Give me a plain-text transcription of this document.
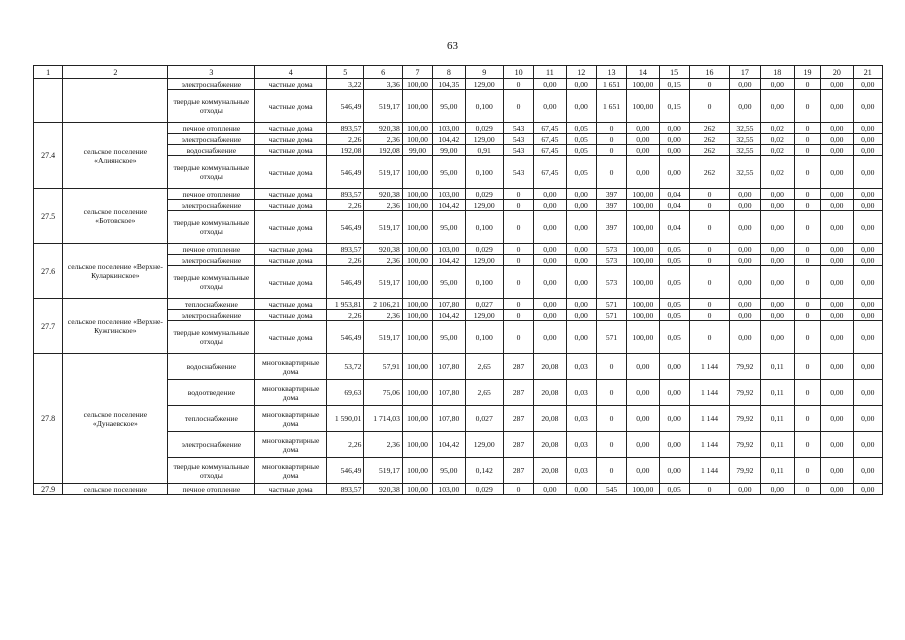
63
1	2	3	4	5	6	7	8	9	10	11	12	13	14	15	16	17	18	19	20	21
		электроснабжение	частные дома	3,22	3,36	100,00	104,35	129,00	0	0,00	0,00	1 651	100,00	0,15	0	0,00	0,00	0	0,00	0,00
		твердые коммунальные отходы	частные дома	546,49	519,17	100,00	95,00	0,100	0	0,00	0,00	1 651	100,00	0,15	0	0,00	0,00	0	0,00	0,00
27.4	сельское поселение «Алиянское»	печное отопление	частные дома	893,57	920,38	100,00	103,00	0,029	543	67,45	0,05	0	0,00	0,00	262	32,55	0,02	0	0,00	0,00
		электроснабжение	частные дома	2,26	2,36	100,00	104,42	129,00	543	67,45	0,05	0	0,00	0,00	262	32,55	0,02	0	0,00	0,00
		водоснабжение	частные дома	192,08	192,08	99,00	99,00	0,91	543	67,45	0,05	0	0,00	0,00	262	32,55	0,02	0	0,00	0,00
		твердые коммунальные отходы	частные дома	546,49	519,17	100,00	95,00	0,100	543	67,45	0,05	0	0,00	0,00	262	32,55	0,02	0	0,00	0,00
27.5	сельское поселение «Ботовское»	печное отопление	частные дома	893,57	920,38	100,00	103,00	0,029	0	0,00	0,00	397	100,00	0,04	0	0,00	0,00	0	0,00	0,00
		электроснабжение	частные дома	2,26	2,36	100,00	104,42	129,00	0	0,00	0,00	397	100,00	0,04	0	0,00	0,00	0	0,00	0,00
		твердые коммунальные отходы	частные дома	546,49	519,17	100,00	95,00	0,100	0	0,00	0,00	397	100,00	0,04	0	0,00	0,00	0	0,00	0,00
27.6	сельское поселение «Верхне-Куларкинское»	печное отопление	частные дома	893,57	920,38	100,00	103,00	0,029	0	0,00	0,00	573	100,00	0,05	0	0,00	0,00	0	0,00	0,00
		электроснабжение	частные дома	2,26	2,36	100,00	104,42	129,00	0	0,00	0,00	573	100,00	0,05	0	0,00	0,00	0	0,00	0,00
		твердые коммунальные отходы	частные дома	546,49	519,17	100,00	95,00	0,100	0	0,00	0,00	573	100,00	0,05	0	0,00	0,00	0	0,00	0,00
27.7	сельское поселение «Верхне-Кужгинское»	теплоснабжение	частные дома	1 953,81	2 106,21	100,00	107,80	0,027	0	0,00	0,00	571	100,00	0,05	0	0,00	0,00	0	0,00	0,00
		электроснабжение	частные дома	2,26	2,36	100,00	104,42	129,00	0	0,00	0,00	571	100,00	0,05	0	0,00	0,00	0	0,00	0,00
		твердые коммунальные отходы	частные дома	546,49	519,17	100,00	95,00	0,100	0	0,00	0,00	571	100,00	0,05	0	0,00	0,00	0	0,00	0,00
27.8	сельское поселение «Дунаевское»	водоснабжение	многоквартирные дома	53,72	57,91	100,00	107,80	2,65	287	20,08	0,03	0	0,00	0,00	1 144	79,92	0,11	0	0,00	0,00
		водоотведение	многоквартирные дома	69,63	75,06	100,00	107,80	2,65	287	20,08	0,03	0	0,00	0,00	1 144	79,92	0,11	0	0,00	0,00
		теплоснабжение	многоквартирные дома	1 590,01	1 714,03	100,00	107,80	0,027	287	20,08	0,03	0	0,00	0,00	1 144	79,92	0,11	0	0,00	0,00
		электроснабжение	многоквартирные дома	2,26	2,36	100,00	104,42	129,00	287	20,08	0,03	0	0,00	0,00	1 144	79,92	0,11	0	0,00	0,00
		твердые коммунальные отходы	многоквартирные дома	546,49	519,17	100,00	95,00	0,142	287	20,08	0,03	0	0,00	0,00	1 144	79,92	0,11	0	0,00	0,00
27.9	сельское поселение	печное отопление	частные дома	893,57	920,38	100,00	103,00	0,029	0	0,00	0,00	545	100,00	0,05	0	0,00	0,00	0	0,00	0,00
